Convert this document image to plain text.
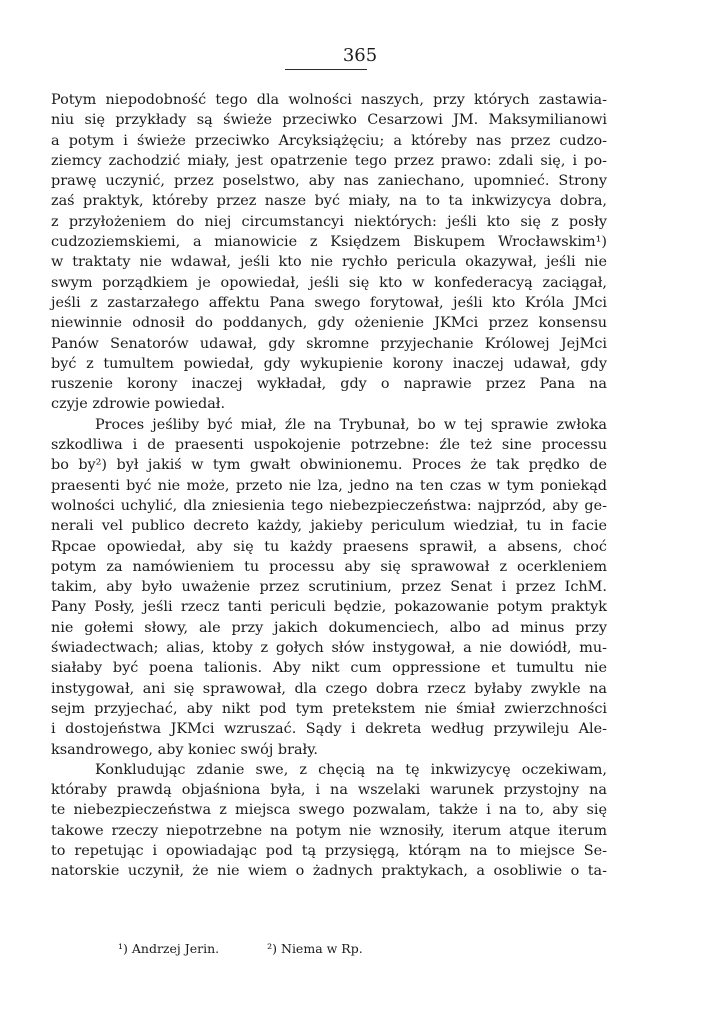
365
Potym niepodobność tego dla wolności naszych, przy których zastawia-
niu się przykłady są świeże przeciwko Cesarzowi JM. Maksymilianowi
a potym i świeże przeciwko Arcyksiążęciu; a któreby nas przez cudzo-
ziemcy zachodzić miały, jest opatrzenie tego przez prawo: zdali się, i po-
prawę uczynić, przez poselstwo, aby nas zaniechano, upomnieć. Strony
zaś praktyk, któreby przez nasze być miały, na to ta inkwizycya dobra,
z przyłożeniem do niej circumstancyi niektórych: jeśli kto się z posły
cudzoziemskiemi, a mianowicie z Księdzem Biskupem Wrocławskim¹)
w traktaty nie wdawał, jeśli kto nie rychło pericula okazywał, jeśli nie
swym porządkiem je opowiedał, jeśli się kto w konfederacyą zaciągał,
jeśli z zastarzałego affektu Pana swego forytował, jeśli kto Króla JMci
niewinnie odnosił do poddanych, gdy ożenienie JKMci przez konsensu
Panów Senatorów udawał, gdy skromne przyjechanie Królowej JejMci
być z tumultem powiedał, gdy wykupienie korony inaczej udawał, gdy
ruszenie korony inaczej wykładał, gdy o naprawie przez Pana na
czyje zdrowie powiedał.
Proces jeśliby być miał, źle na Trybunał, bo w tej sprawie zwłoka
szkodliwa i de praesenti uspokojenie potrzebne: źle też sine processu
bo by²) był jakiś w tym gwałt obwinionemu. Proces że tak prędko de
praesenti być nie może, przeto nie lza, jedno na ten czas w tym poniekąd
wolności uchylić, dla zniesienia tego niebezpieczeństwa: najprzód, aby ge-
nerali vel publico decreto każdy, jakieby periculum wiedział, tu in facie
Rpcae opowiedał, aby się tu każdy praesens sprawił, a absens, choć
potym za namówieniem tu processu aby się sprawował z ocerkleniem
takim, aby było uważenie przez scrutinium, przez Senat i przez IchM.
Pany Posły, jeśli rzecz tanti periculi będzie, pokazowanie potym praktyk
nie gołemi słowy, ale przy jakich dokumenciech, albo ad minus przy
świadectwach; alias, ktoby z gołych słów instygował, a nie dowiódł, mu-
siałaby być poena talionis. Aby nikt cum oppressione et tumultu nie
instygował, ani się sprawował, dla czego dobra rzecz byłaby zwykle na
sejm przyjechać, aby nikt pod tym pretekstem nie śmiał zwierzchności
i dostojeństwa JKMci wzruszać. Sądy i dekreta według przywileju Ale-
ksandrowego, aby koniec swój brały.
Konkludując zdanie swe, z chęcią na tę inkwizycyę oczekiwam,
któraby prawdą objaśniona była, i na wszelaki warunek przystojny na
te niebezpieczeństwa z miejsca swego pozwalam, także i na to, aby się
takowe rzeczy niepotrzebne na potym nie wznosiły, iterum atque iterum
to repetując i opowiadając pod tą przysięgą, którąm na to miejsce Se-
natorskie uczynił, że nie wiem o żadnych praktykach, a osobliwie o ta-
¹) Andrzej Jerin.	²) Niema w Rp.
